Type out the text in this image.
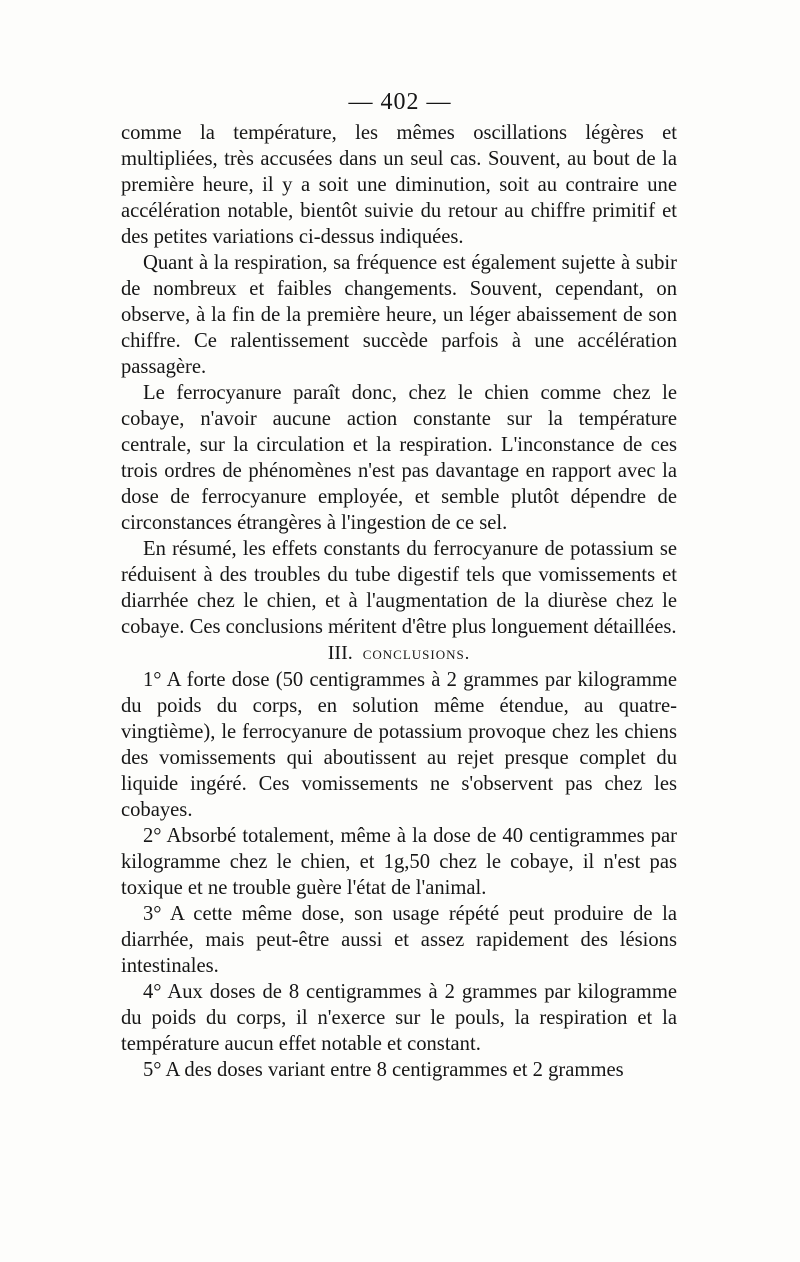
— 402 —

comme la température, les mêmes oscillations légères et multipliées, très accusées dans un seul cas. Souvent, au bout de la première heure, il y a soit une diminution, soit au contraire une accélération notable, bientôt suivie du retour au chiffre primitif et des petites variations ci-dessus indiquées.

Quant à la respiration, sa fréquence est également sujette à subir de nombreux et faibles changements. Souvent, cependant, on observe, à la fin de la première heure, un léger abaissement de son chiffre. Ce ralentissement succède parfois à une accélération passagère.

Le ferrocyanure paraît donc, chez le chien comme chez le cobaye, n'avoir aucune action constante sur la température centrale, sur la circulation et la respiration. L'inconstance de ces trois ordres de phénomènes n'est pas davantage en rapport avec la dose de ferrocyanure employée, et semble plutôt dépendre de circonstances étrangères à l'ingestion de ce sel.

En résumé, les effets constants du ferrocyanure de potassium se réduisent à des troubles du tube digestif tels que vomissements et diarrhée chez le chien, et à l'augmentation de la diurèse chez le cobaye. Ces conclusions méritent d'être plus longuement détaillées.

III. conclusions.

1° A forte dose (50 centigrammes à 2 grammes par kilogramme du poids du corps, en solution même étendue, au quatre-vingtième), le ferrocyanure de potassium provoque chez les chiens des vomissements qui aboutissent au rejet presque complet du liquide ingéré. Ces vomissements ne s'observent pas chez les cobayes.

2° Absorbé totalement, même à la dose de 40 centigrammes par kilogramme chez le chien, et 1g,50 chez le cobaye, il n'est pas toxique et ne trouble guère l'état de l'animal.

3° A cette même dose, son usage répété peut produire de la diarrhée, mais peut-être aussi et assez rapidement des lésions intestinales.

4° Aux doses de 8 centigrammes à 2 grammes par kilogramme du poids du corps, il n'exerce sur le pouls, la respiration et la température aucun effet notable et constant.

5° A des doses variant entre 8 centigrammes et 2 grammes
